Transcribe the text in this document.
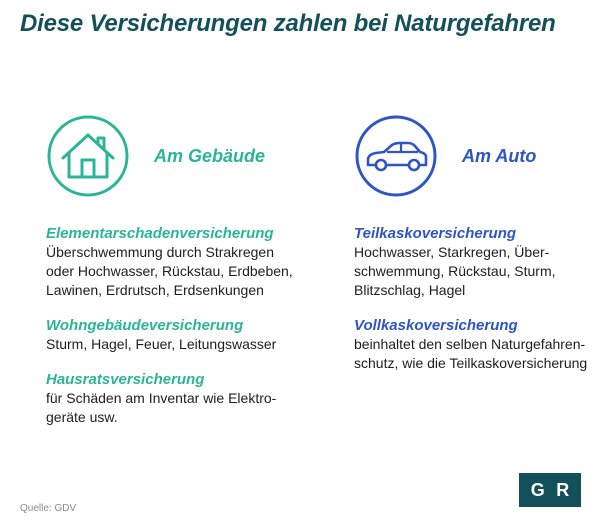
Diese Versicherungen zahlen bei Naturgefahren
Am Gebäude
Elementarschadenversicherung
Überschwemmung durch Strakregen
oder Hochwasser, Rückstau, Erdbeben,
Lawinen, Erdrutsch, Erdsenkungen
Wohngebäudeversicherung
Sturm, Hagel, Feuer, Leitungswasser
Hausratsversicherung
für Schäden am Inventar wie Elektro-
geräte usw.
Am Auto
Teilkaskoversicherung
Hochwasser, Starkregen, Über-
schwemmung, Rückstau, Sturm,
Blitzschlag, Hagel
Vollkaskoversicherung
beinhaltet den selben Naturgefahren-
schutz, wie die Teilkaskoversicherung
Quelle: GDV
G R
